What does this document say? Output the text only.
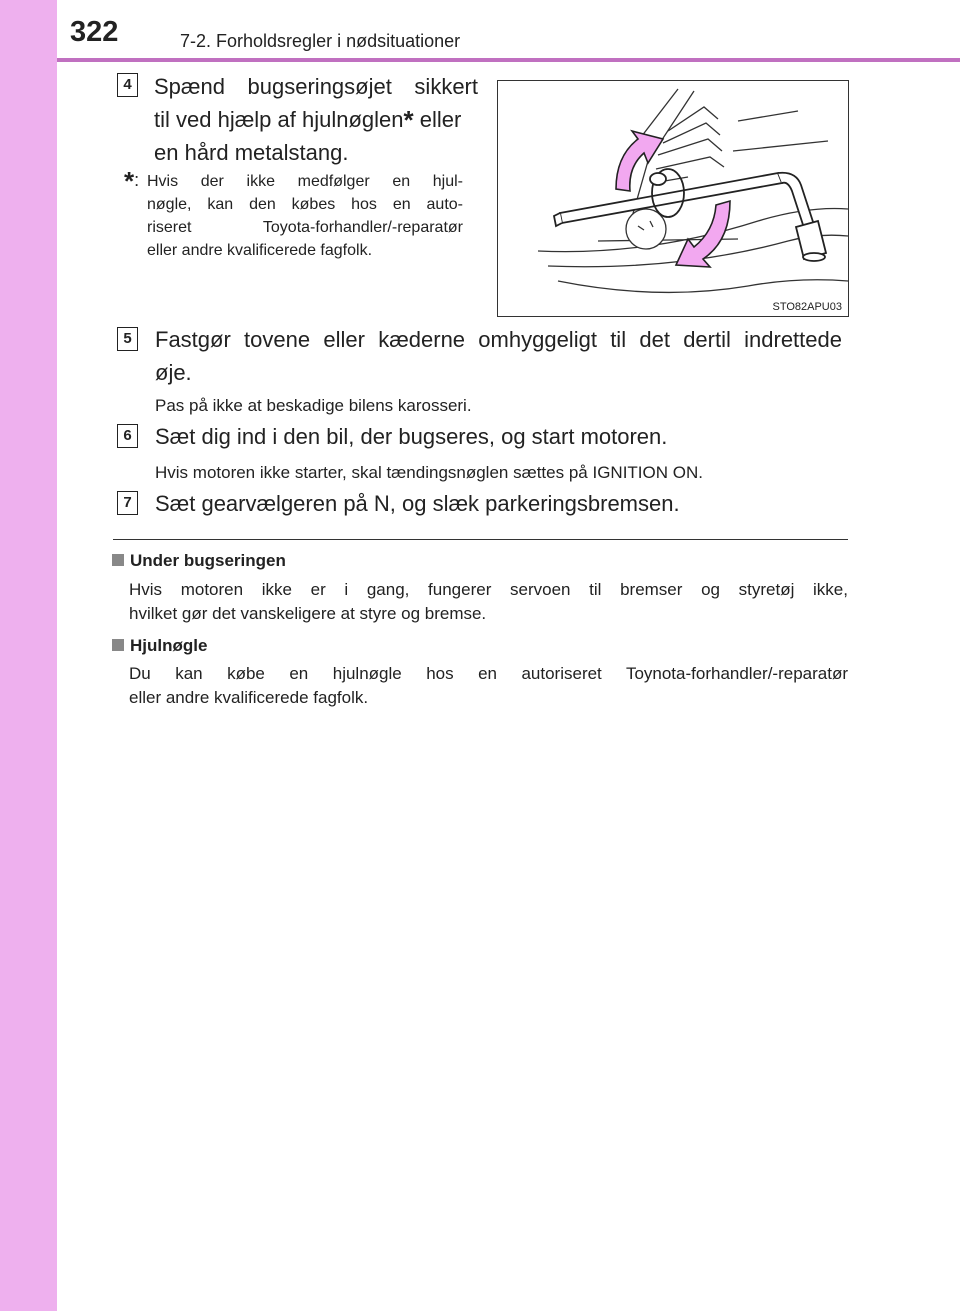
322	7-2. Forholdsregler i nødsituationer
4 Spænd bugseringsøjet sikkert
til ved hjælp af hjulnøglen* eller
en hård metalstang.
*: Hvis der ikke medfølger en hjul-
nøgle, kan den købes hos en auto-
riseret Toyota-forhandler/-reparatør
eller andre kvalificerede fagfolk.
STO82APU03
5 Fastgør tovene eller kæderne omhyggeligt til det dertil indrettede
øje.
Pas på ikke at beskadige bilens karosseri.
6 Sæt dig ind i den bil, der bugseres, og start motoren.
Hvis motoren ikke starter, skal tændingsnøglen sættes på IGNITION ON.
7 Sæt gearvælgeren på N, og slæk parkeringsbremsen.
Under bugseringen
Hvis motoren ikke er i gang, fungerer servoen til bremser og styretøj ikke,
hvilket gør det vanskeligere at styre og bremse.
Hjulnøgle
Du kan købe en hjulnøgle hos en autoriseret Toynota-forhandler/-reparatør
eller andre kvalificerede fagfolk.
